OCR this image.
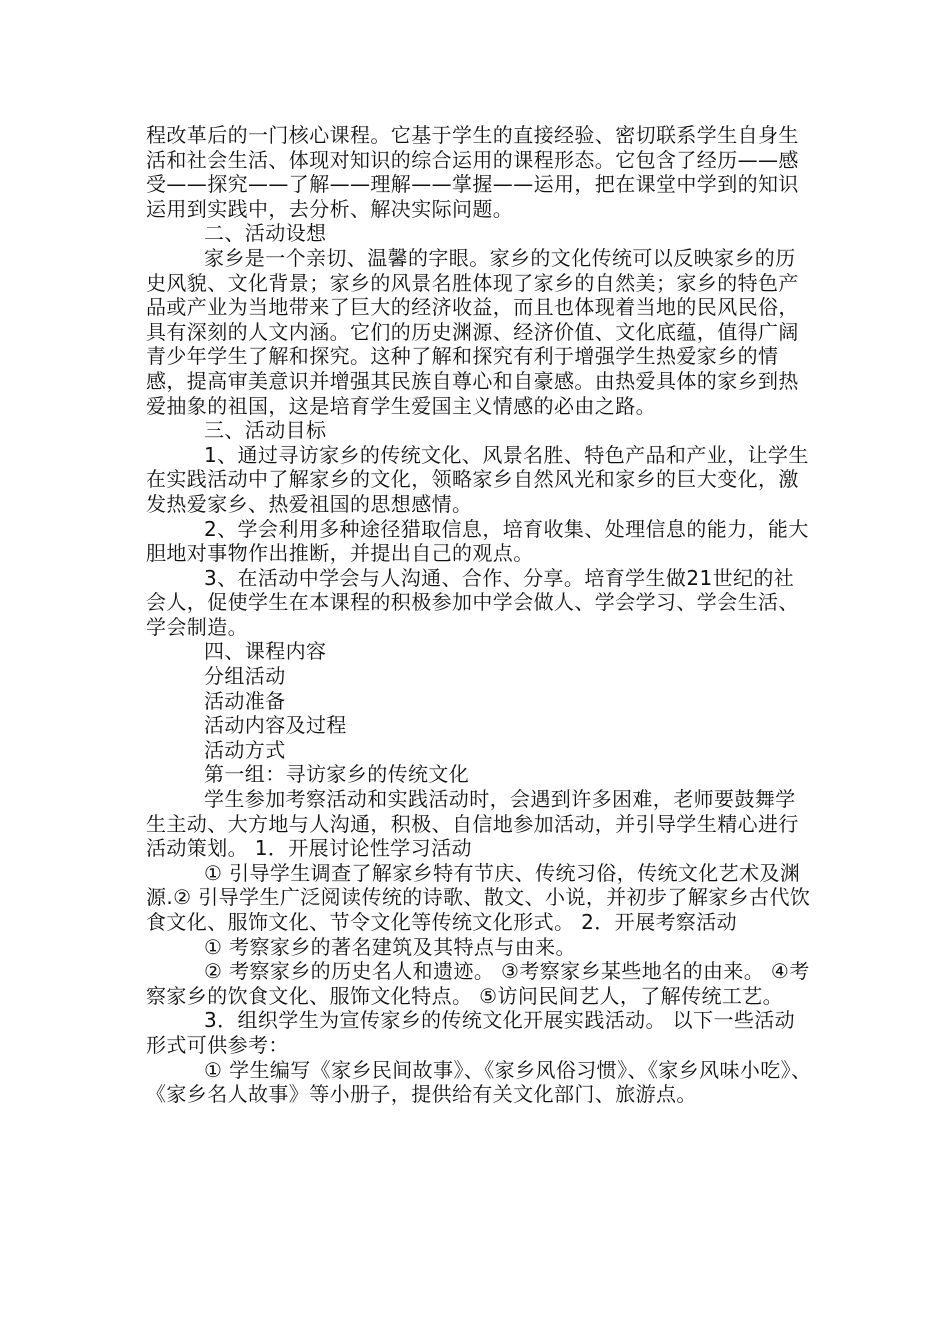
程改革后的一门核心课程。它基于学生的直接经验、密切联系学生自身生活和社会生活、体现对知识的综合运用的课程形态。它包含了经历——感受——探究——了解——理解——掌握——运用，把在课堂中学到的知识运用到实践中，去分析、解决实际问题。

二、活动设想

家乡是一个亲切、温馨的字眼。家乡的文化传统可以反映家乡的历史风貌、文化背景；家乡的风景名胜体现了家乡的自然美；家乡的特色产品或产业为当地带来了巨大的经济收益，而且也体现着当地的民风民俗，具有深刻的人文内涵。它们的历史渊源、经济价值、文化底蕴，值得广阔青少年学生了解和探究。这种了解和探究有利于增强学生热爱家乡的情感，提高审美意识并增强其民族自尊心和自豪感。由热爱具体的家乡到热爱抽象的祖国，这是培育学生爱国主义情感的必由之路。

三、活动目标

1、通过寻访家乡的传统文化、风景名胜、特色产品和产业，让学生在实践活动中了解家乡的文化，领略家乡自然风光和家乡的巨大变化，激发热爱家乡、热爱祖国的思想感情。

2、学会利用多种途径猎取信息，培育收集、处理信息的能力，能大胆地对事物作出推断，并提出自己的观点。

3、在活动中学会与人沟通、合作、分享。培育学生做21世纪的社会人，促使学生在本课程的积极参加中学会做人、学会学习、学会生活、学会制造。

四、课程内容

分组活动

活动准备

活动内容及过程

活动方式

第一组：寻访家乡的传统文化

学生参加考察活动和实践活动时，会遇到许多困难，老师要鼓舞学生主动、大方地与人沟通，积极、自信地参加活动，并引导学生精心进行活动策划。 1．开展讨论性学习活动

① 引导学生调查了解家乡特有节庆、传统习俗，传统文化艺术及渊源.② 引导学生广泛阅读传统的诗歌、散文、小说，并初步了解家乡古代饮食文化、服饰文化、节令文化等传统文化形式。 2．开展考察活动

① 考察家乡的著名建筑及其特点与由来。

② 考察家乡的历史名人和遗迹。 ③考察家乡某些地名的由来。 ④考察家乡的饮食文化、服饰文化特点。 ⑤访问民间艺人，了解传统工艺。

3．组织学生为宣传家乡的传统文化开展实践活动。 以下一些活动形式可供参考：

① 学生编写《家乡民间故事》、《家乡风俗习惯》、《家乡风味小吃》、《家乡名人故事》等小册子，提供给有关文化部门、旅游点。
